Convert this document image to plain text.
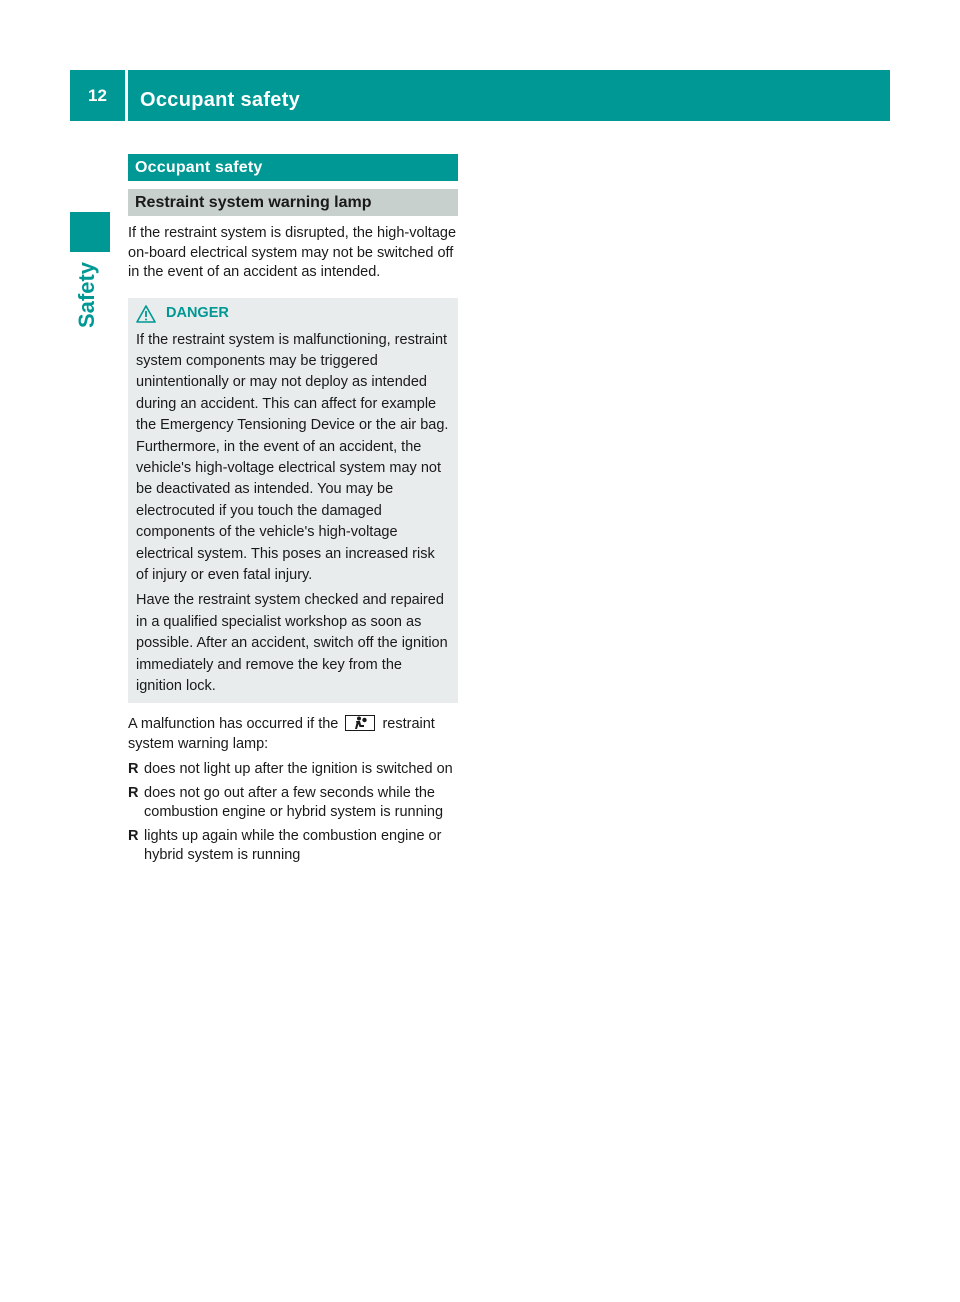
12	Occupant safety
Safety
Occupant safety
Restraint system warning lamp

If the restraint system is disrupted, the high-voltage on-board electrical system may not be switched off in the event of an accident as intended.

DANGER

If the restraint system is malfunctioning, restraint system components may be triggered unintentionally or may not deploy as intended during an accident. This can affect for example the Emergency Tensioning Device or the air bag. Furthermore, in the event of an accident, the vehicle's high-voltage electrical system may not be deactivated as intended. You may be electrocuted if you touch the damaged components of the vehicle's high-voltage electrical system. This poses an increased risk of injury or even fatal injury.

Have the restraint system checked and repaired in a qualified specialist workshop as soon as possible. After an accident, switch off the ignition immediately and remove the key from the ignition lock.

A malfunction has occurred if the	restraint system warning lamp:

R does not light up after the ignition is switched on
R does not go out after a few seconds while the combustion engine or hybrid system is running
R lights up again while the combustion engine or hybrid system is running
